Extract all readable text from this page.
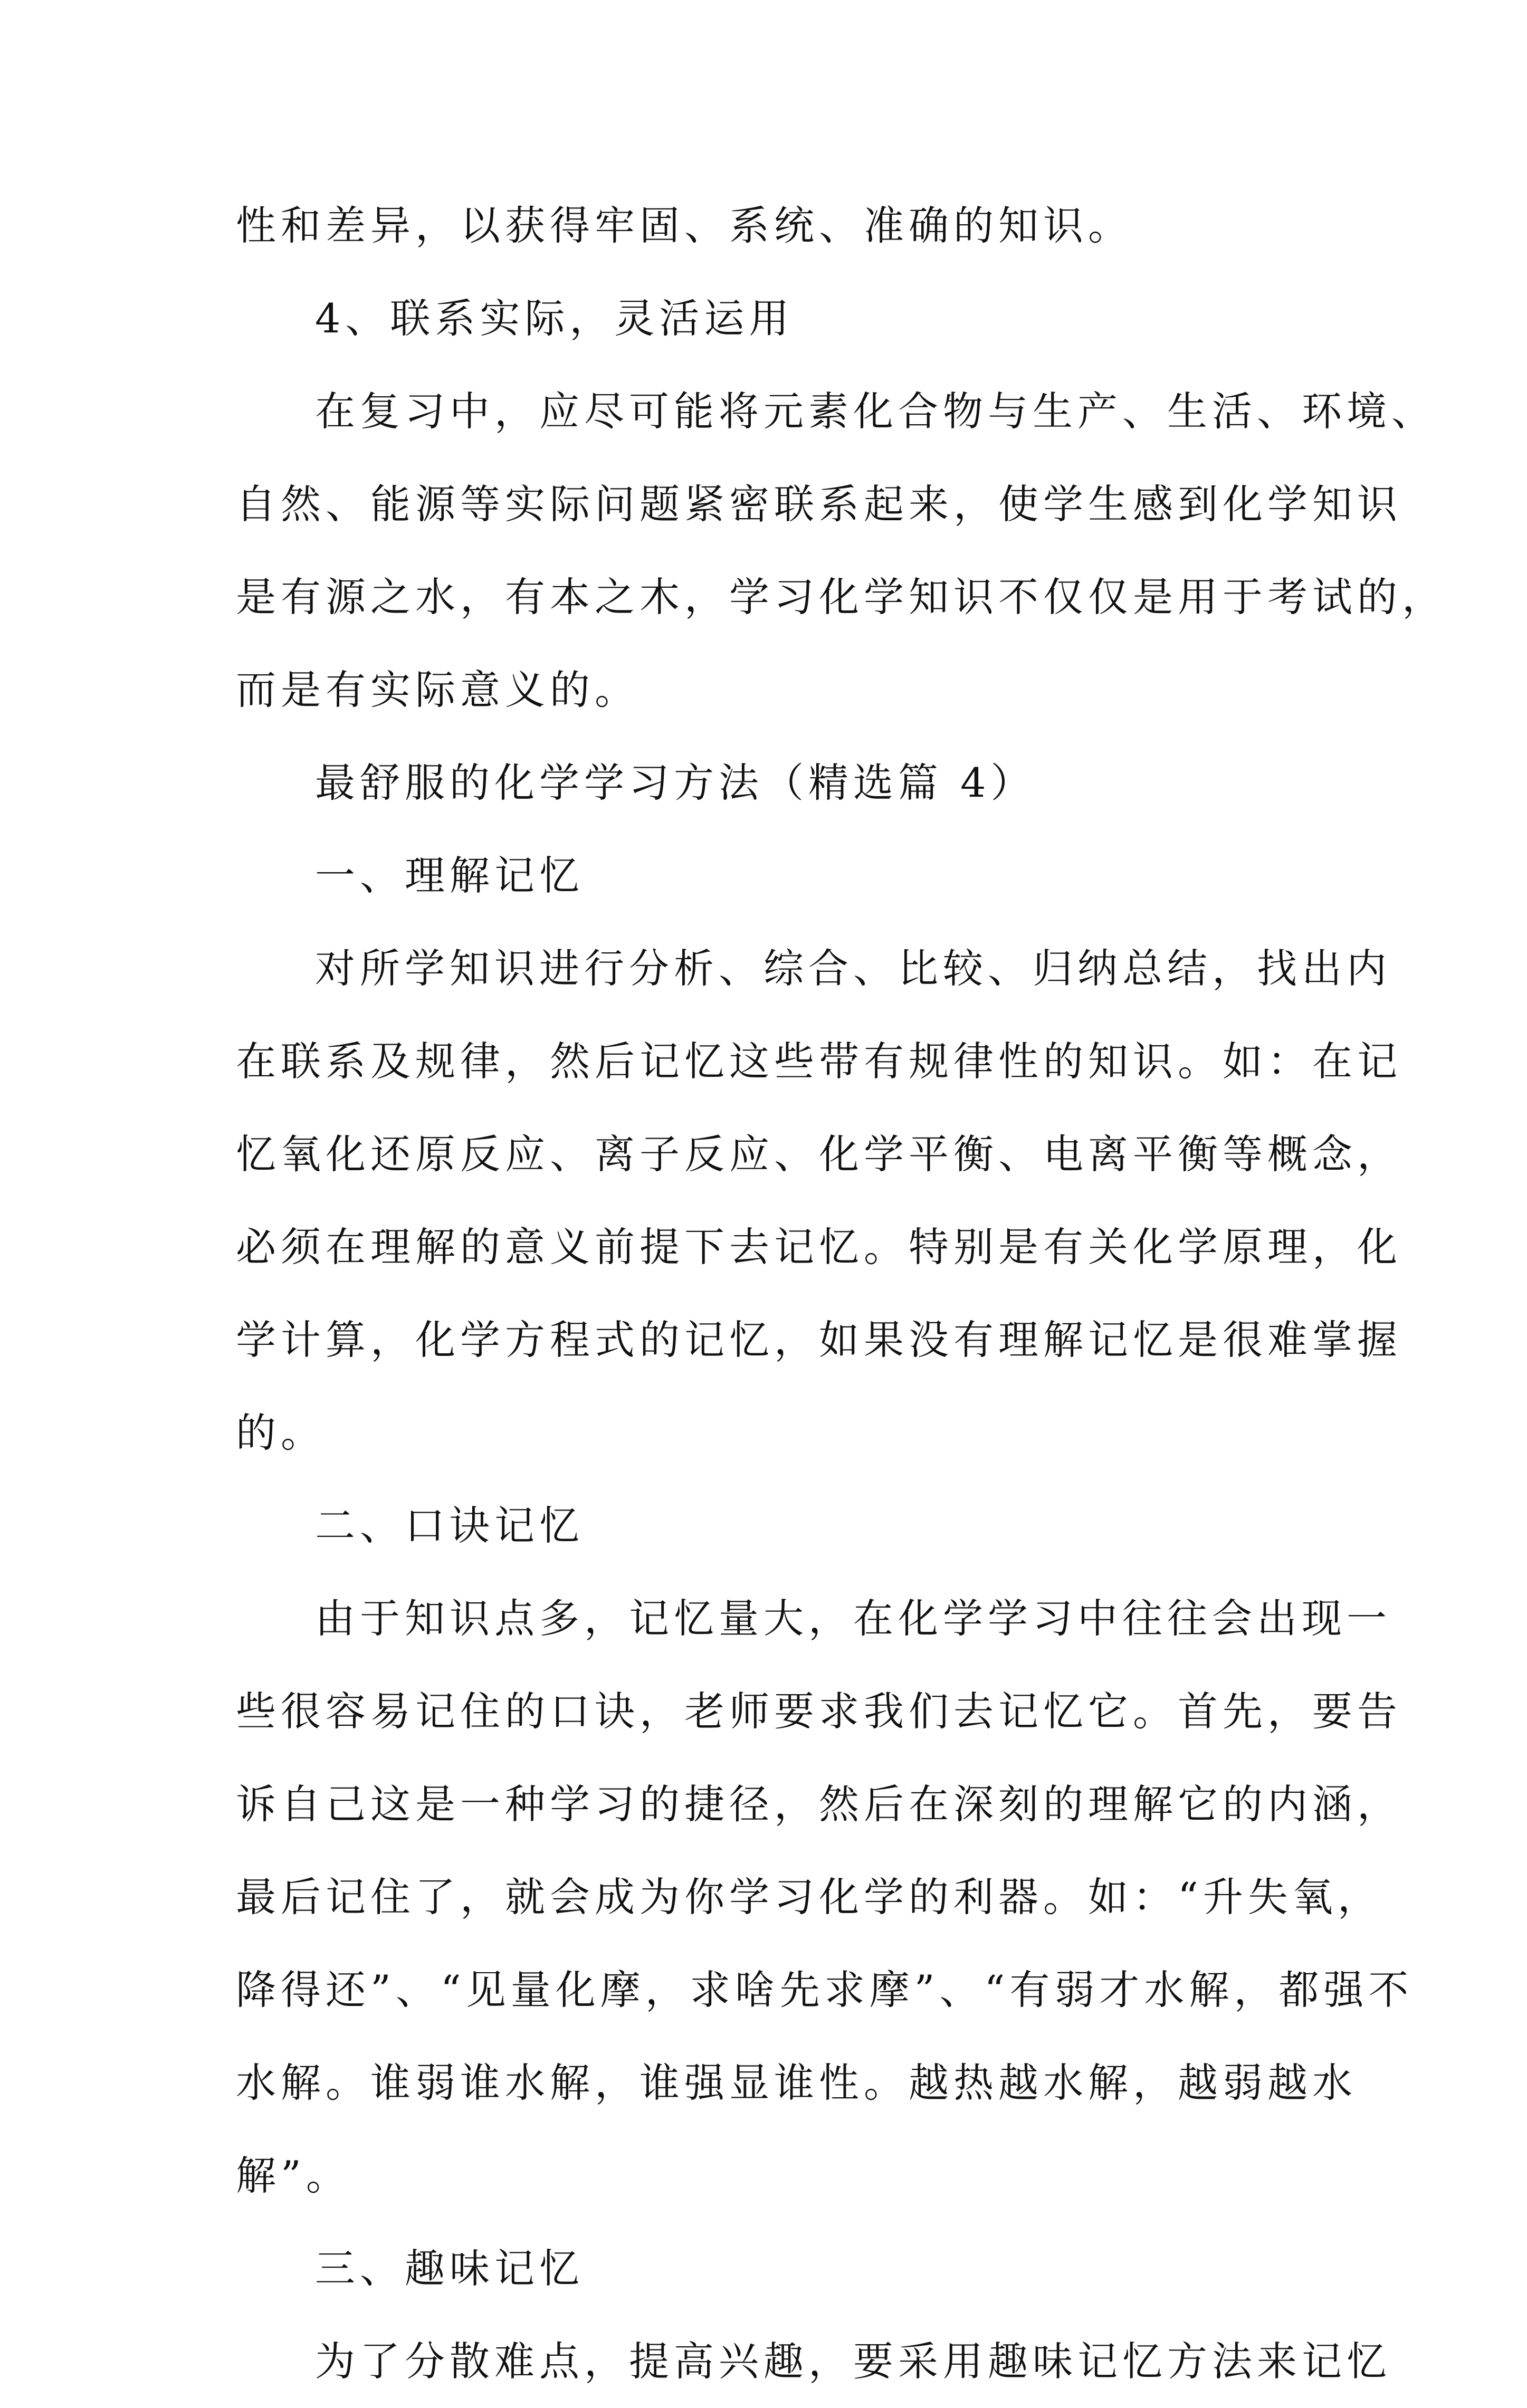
性和差异，以获得牢固、系统、准确的知识。
4、联系实际，灵活运用
在复习中，应尽可能将元素化合物与生产、生活、环境、
自然、能源等实际问题紧密联系起来，使学生感到化学知识
是有源之水，有本之木，学习化学知识不仅仅是用于考试的，
而是有实际意义的。
最舒服的化学学习方法（精选篇 4）
一、理解记忆
对所学知识进行分析、综合、比较、归纳总结，找出内
在联系及规律，然后记忆这些带有规律性的知识。如：在记
忆氧化还原反应、离子反应、化学平衡、电离平衡等概念，
必须在理解的意义前提下去记忆。特别是有关化学原理，化
学计算，化学方程式的记忆，如果没有理解记忆是很难掌握
的。
二、口诀记忆
由于知识点多，记忆量大，在化学学习中往往会出现一
些很容易记住的口诀，老师要求我们去记忆它。首先，要告
诉自己这是一种学习的捷径，然后在深刻的理解它的内涵，
最后记住了，就会成为你学习化学的利器。如：“升失氧，
降得还”、“见量化摩，求啥先求摩”、“有弱才水解，都强不
水解。谁弱谁水解，谁强显谁性。越热越水解，越弱越水
解”。
三、趣味记忆
为了分散难点，提高兴趣，要采用趣味记忆方法来记忆
